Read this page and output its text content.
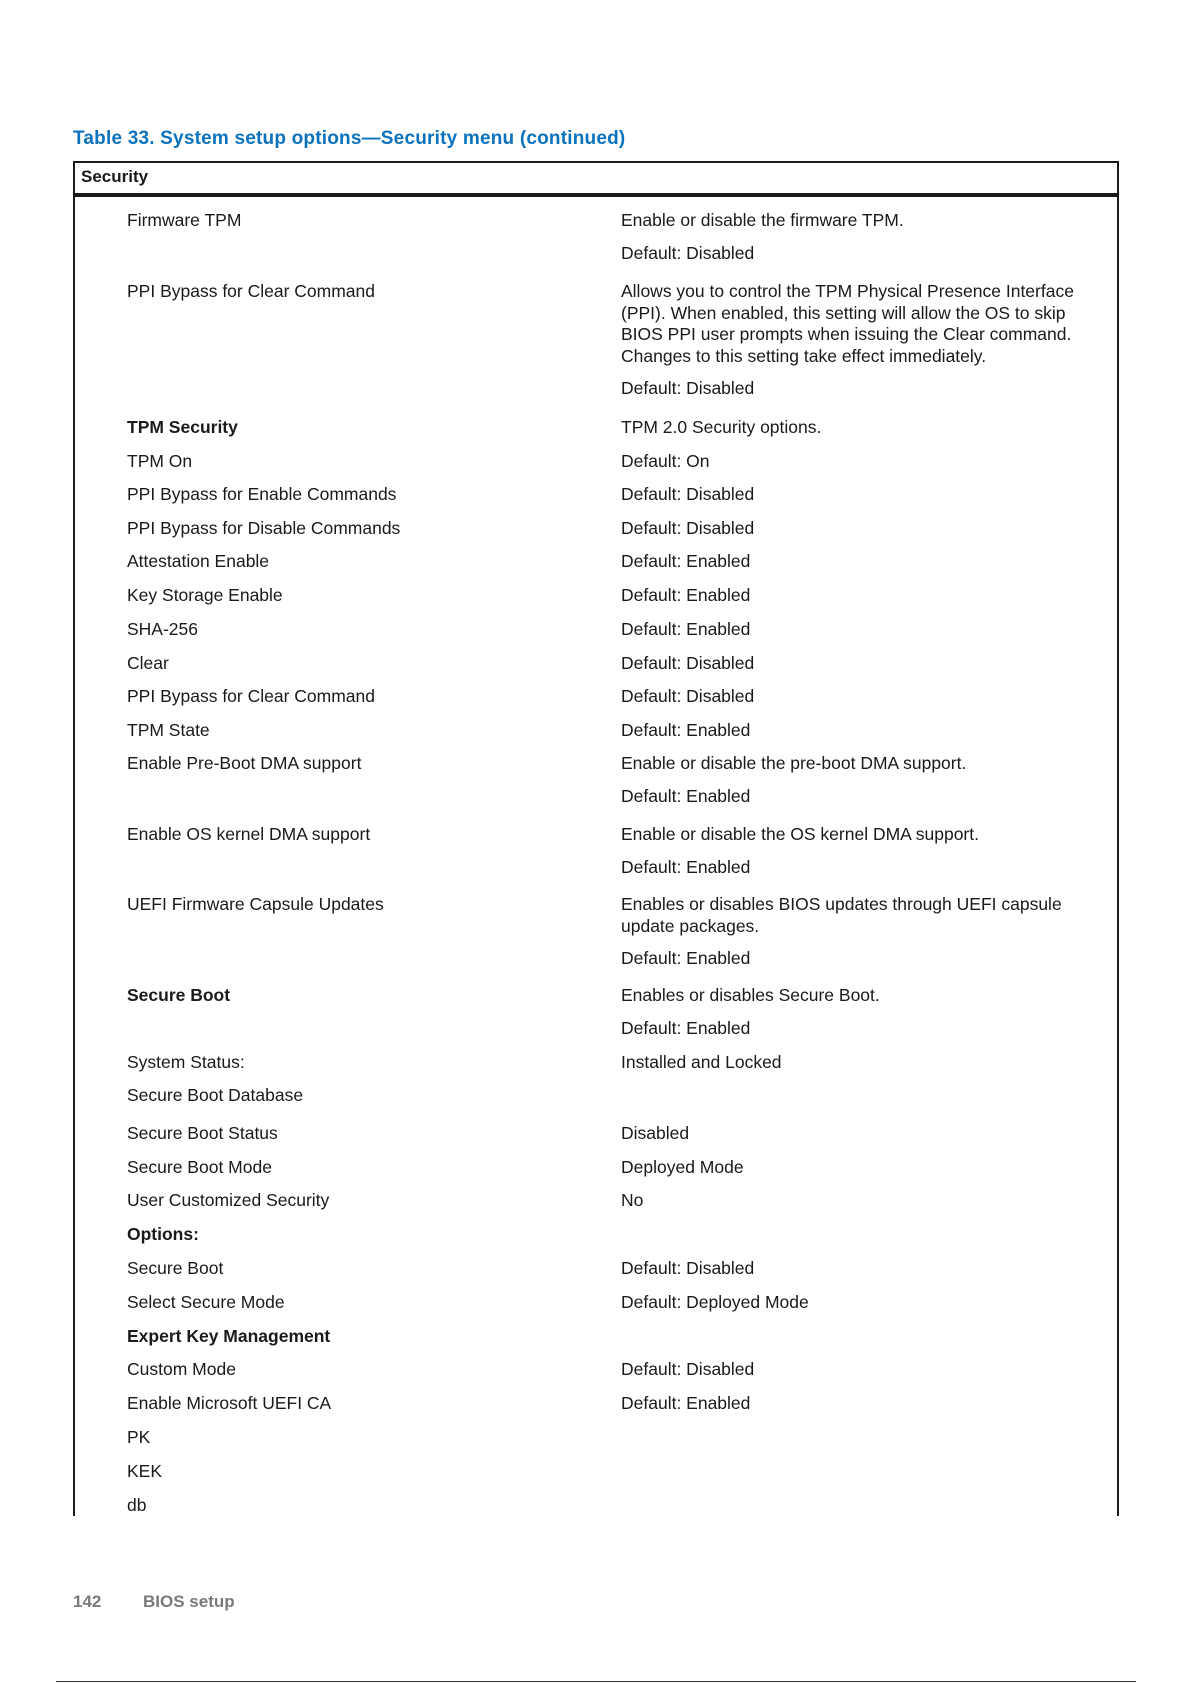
Table 33. System setup options—Security menu (continued)
Security
Firmware TPM	Enable or disable the firmware TPM.

Default: Disabled

PPI Bypass for Clear Command	Allows you to control the TPM Physical Presence Interface (PPI). When enabled, this setting will allow the OS to skip BIOS PPI user prompts when issuing the Clear command. Changes to this setting take effect immediately.

Default: Disabled

TPM Security	TPM 2.0 Security options.

TPM On	Default: On

PPI Bypass for Enable Commands	Default: Disabled

PPI Bypass for Disable Commands	Default: Disabled

Attestation Enable	Default: Enabled

Key Storage Enable	Default: Enabled

SHA-256	Default: Enabled

Clear	Default: Disabled

PPI Bypass for Clear Command	Default: Disabled

TPM State	Default: Enabled

Enable Pre-Boot DMA support	Enable or disable the pre-boot DMA support.

Default: Enabled

Enable OS kernel DMA support	Enable or disable the OS kernel DMA support.

Default: Enabled

UEFI Firmware Capsule Updates	Enables or disables BIOS updates through UEFI capsule update packages.

Default: Enabled

Secure Boot	Enables or disables Secure Boot.

Default: Enabled

System Status:	Installed and Locked

Secure Boot Database
Secure Boot Status	Disabled

Secure Boot Mode	Deployed Mode

User Customized Security	No

Options:
Secure Boot	Default: Disabled

Select Secure Mode	Default: Deployed Mode

Expert Key Management
Custom Mode	Default: Disabled

Enable Microsoft UEFI CA	Default: Enabled

PK
KEK
db
142 BIOS setup
